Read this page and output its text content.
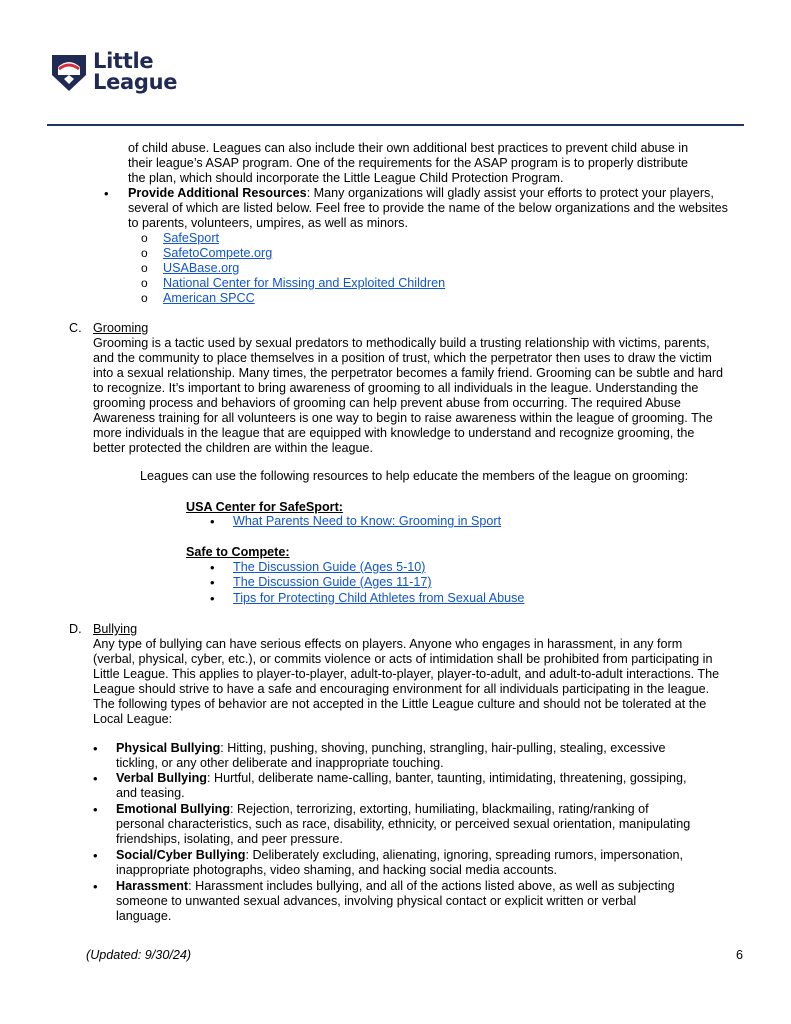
Little
League

of child abuse. Leagues can also include their own additional best practices to prevent child abuse in

their league’s ASAP program. One of the requirements for the ASAP program is to properly distribute

the plan, which should incorporate the Little League Child Protection Program.

• Provide Additional Resources: Many organizations will gladly assist your efforts to protect your players,

several of which are listed below. Feel free to provide the name of the below organizations and the websites

to parents, volunteers, umpires, as well as minors.

o SafeSport
o SafetoCompete.org
o USABase.org
o National Center for Missing and Exploited Children
o American SPCC
C. Grooming

Grooming is a tactic used by sexual predators to methodically build a trusting relationship with victims, parents,

and the community to place themselves in a position of trust, which the perpetrator then uses to draw the victim

into a sexual relationship. Many times, the perpetrator becomes a family friend. Grooming can be subtle and hard

to recognize. It’s important to bring awareness of grooming to all individuals in the league. Understanding the

grooming process and behaviors of grooming can help prevent abuse from occurring. The required Abuse

Awareness training for all volunteers is one way to begin to raise awareness within the league of grooming. The

more individuals in the league that are equipped with knowledge to understand and recognize grooming, the

better protected the children are within the league.

Leagues can use the following resources to help educate the members of the league on grooming:
USA Center for SafeSport:
• What Parents Need to Know: Grooming in Sport
Safe to Compete:
• The Discussion Guide (Ages 5-10)
• The Discussion Guide (Ages 11-17)
• Tips for Protecting Child Athletes from Sexual Abuse
D. Bullying

Any type of bullying can have serious effects on players. Anyone who engages in harassment, in any form

(verbal, physical, cyber, etc.), or commits violence or acts of intimidation shall be prohibited from participating in

Little League. This applies to player-to-player, adult-to-player, player-to-adult, and adult-to-adult interactions. The

League should strive to have a safe and encouraging environment for all individuals participating in the league.

The following types of behavior are not accepted in the Little League culture and should not be tolerated at the

Local League:

• Physical Bullying: Hitting, pushing, shoving, punching, strangling, hair-pulling, stealing, excessive

tickling, or any other deliberate and inappropriate touching.

• Verbal Bullying: Hurtful, deliberate name-calling, banter, taunting, intimidating, threatening, gossiping,

and teasing.

• Emotional Bullying: Rejection, terrorizing, extorting, humiliating, blackmailing, rating/ranking of

personal characteristics, such as race, disability, ethnicity, or perceived sexual orientation, manipulating

friendships, isolating, and peer pressure.

• Social/Cyber Bullying: Deliberately excluding, alienating, ignoring, spreading rumors, impersonation,

inappropriate photographs, video shaming, and hacking social media accounts.

• Harassment: Harassment includes bullying, and all of the actions listed above, as well as subjecting

someone to unwanted sexual advances, involving physical contact or explicit written or verbal

language.

(Updated: 9/30/24)	6
